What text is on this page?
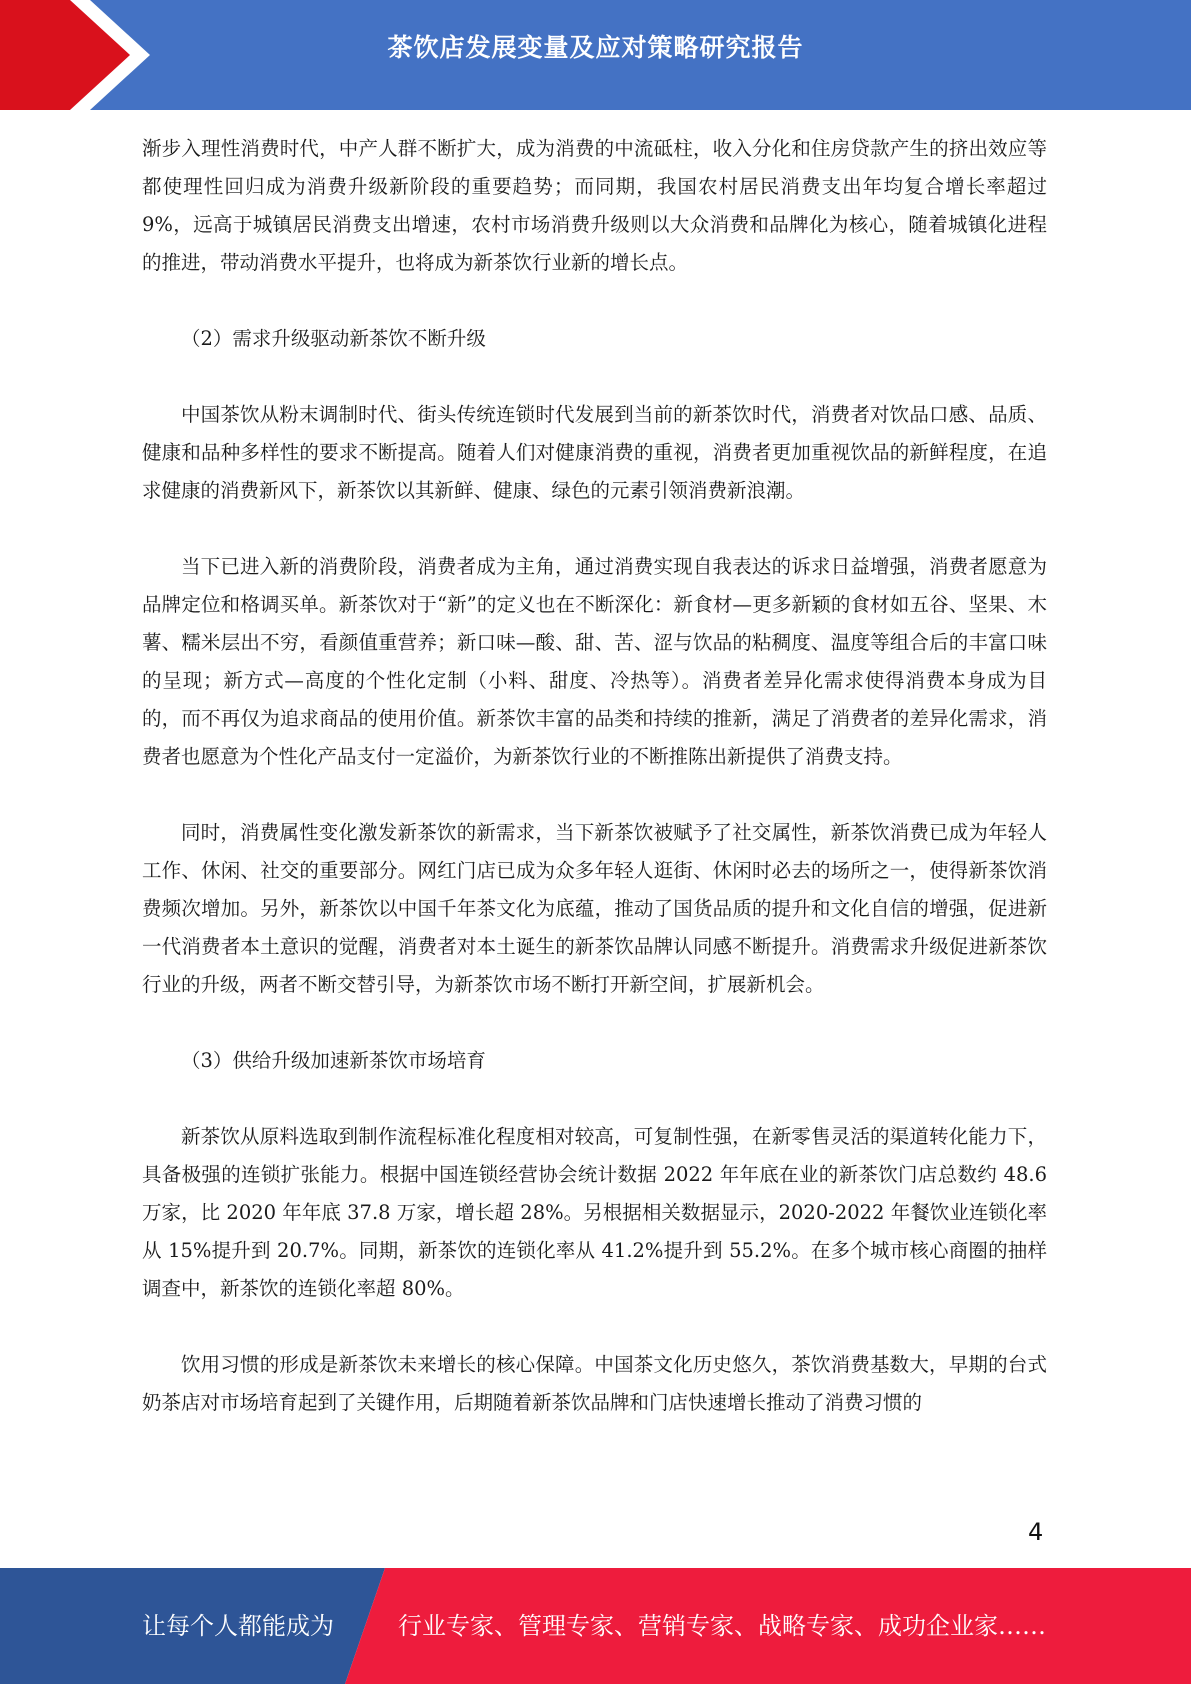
茶饮店发展变量及应对策略研究报告

渐步入理性消费时代，中产人群不断扩大，成为消费的中流砥柱，收入分化和住房贷款产生的挤出效应等都使理性回归成为消费升级新阶段的重要趋势；而同期，我国农村居民消费支出年均复合增长率超过 9%，远高于城镇居民消费支出增速，农村市场消费升级则以大众消费和品牌化为核心，随着城镇化进程的推进，带动消费水平提升，也将成为新茶饮行业新的增长点。

（2）需求升级驱动新茶饮不断升级

中国茶饮从粉末调制时代、街头传统连锁时代发展到当前的新茶饮时代，消费者对饮品口感、品质、健康和品种多样性的要求不断提高。随着人们对健康消费的重视，消费者更加重视饮品的新鲜程度，在追求健康的消费新风下，新茶饮以其新鲜、健康、绿色的元素引领消费新浪潮。

当下已进入新的消费阶段，消费者成为主角，通过消费实现自我表达的诉求日益增强，消费者愿意为品牌定位和格调买单。新茶饮对于“新”的定义也在不断深化：新食材—更多新颖的食材如五谷、坚果、木薯、糯米层出不穷，看颜值重营养；新口味—酸、甜、苦、涩与饮品的粘稠度、温度等组合后的丰富口味的呈现；新方式—高度的个性化定制（小料、甜度、冷热等）。消费者差异化需求使得消费本身成为目的，而不再仅为追求商品的使用价值。新茶饮丰富的品类和持续的推新，满足了消费者的差异化需求，消费者也愿意为个性化产品支付一定溢价，为新茶饮行业的不断推陈出新提供了消费支持。

同时，消费属性变化激发新茶饮的新需求，当下新茶饮被赋予了社交属性，新茶饮消费已成为年轻人工作、休闲、社交的重要部分。网红门店已成为众多年轻人逛街、休闲时必去的场所之一，使得新茶饮消费频次增加。另外，新茶饮以中国千年茶文化为底蕴，推动了国货品质的提升和文化自信的增强，促进新一代消费者本土意识的觉醒，消费者对本土诞生的新茶饮品牌认同感不断提升。消费需求升级促进新茶饮行业的升级，两者不断交替引导，为新茶饮市场不断打开新空间，扩展新机会。

（3）供给升级加速新茶饮市场培育

新茶饮从原料选取到制作流程标准化程度相对较高，可复制性强，在新零售灵活的渠道转化能力下，具备极强的连锁扩张能力。根据中国连锁经营协会统计数据 2022 年年底在业的新茶饮门店总数约 48.6 万家，比 2020 年年底 37.8 万家，增长超 28%。另根据相关数据显示，2020-2022 年餐饮业连锁化率从 15%提升到 20.7%。同期，新茶饮的连锁化率从 41.2%提升到 55.2%。在多个城市核心商圈的抽样调查中，新茶饮的连锁化率超 80%。

饮用习惯的形成是新茶饮未来增长的核心保障。中国茶文化历史悠久，茶饮消费基数大，早期的台式奶茶店对市场培育起到了关键作用，后期随着新茶饮品牌和门店快速增长推动了消费习惯的

4
让每个人都能成为	行业专家、管理专家、营销专家、战略专家、成功企业家……
